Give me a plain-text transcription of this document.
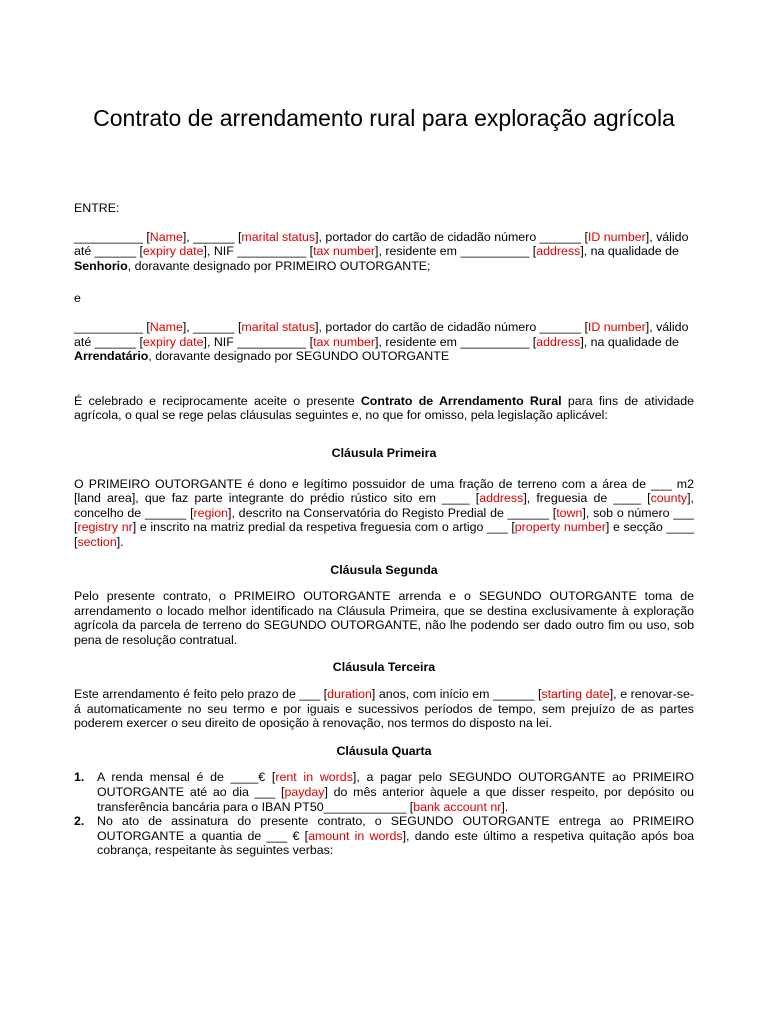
Contrato de arrendamento rural para exploração agrícola

ENTRE:

__________ [Name], ______ [marital status], portador do cartão de cidadão número ______ [ID number], válido até ______ [expiry date], NIF __________ [tax number], residente em __________ [address], na qualidade de Senhorio, doravante designado por PRIMEIRO OUTORGANTE;

e

__________ [Name], ______ [marital status], portador do cartão de cidadão número ______ [ID number], válido até ______ [expiry date], NIF __________ [tax number], residente em __________ [address], na qualidade de Arrendatário, doravante designado por SEGUNDO OUTORGANTE

É celebrado e reciprocamente aceite o presente Contrato de Arrendamento Rural para fins de atividade agrícola, o qual se rege pelas cláusulas seguintes e, no que for omisso, pela legislação aplicável:

Cláusula Primeira

O PRIMEIRO OUTORGANTE é dono e legítimo possuidor de uma fração de terreno com a área de ___ m2 [land area], que faz parte integrante do prédio rústico sito em ____ [address], freguesia de ____ [county], concelho de ______ [region], descrito na Conservatória do Registo Predial de ______ [town], sob o número ___ [registry nr] e inscrito na matriz predial da respetiva freguesia com o artigo ___ [property number] e secção ____ [section].

Cláusula Segunda

Pelo presente contrato, o PRIMEIRO OUTORGANTE arrenda e o SEGUNDO OUTORGANTE toma de arrendamento o locado melhor identificado na Cláusula Primeira, que se destina exclusivamente à exploração agrícola da parcela de terreno do SEGUNDO OUTORGANTE, não lhe podendo ser dado outro fim ou uso, sob pena de resolução contratual.

Cláusula Terceira

Este arrendamento é feito pelo prazo de ___ [duration] anos, com início em ______ [starting date], e renovar-se-á automaticamente no seu termo e por iguais e sucessivos períodos de tempo, sem prejuízo de as partes poderem exercer o seu direito de oposição à renovação, nos termos do disposto na lei.

Cláusula Quarta
1. A renda mensal é de ____€ [rent in words], a pagar pelo SEGUNDO OUTORGANTE ao PRIMEIRO OUTORGANTE até ao dia ___ [payday] do mês anterior àquele a que disser respeito, por depósito ou transferência bancária para o IBAN PT50____________ [bank account nr].
2. No ato de assinatura do presente contrato, o SEGUNDO OUTORGANTE entrega ao PRIMEIRO OUTORGANTE a quantia de ___ € [amount in words], dando este último a respetiva quitação após boa cobrança, respeitante às seguintes verbas:
